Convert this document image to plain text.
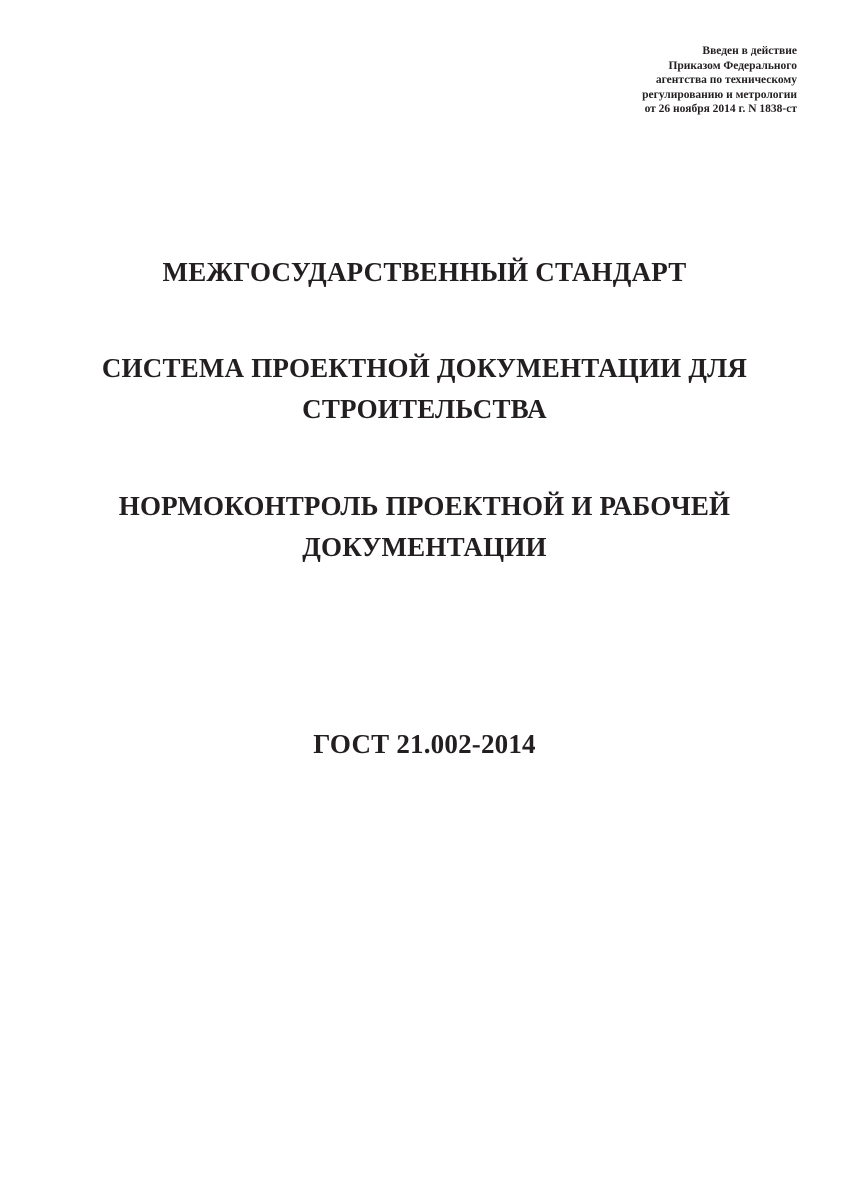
Введен в действие
Приказом Федерального
агентства по техническому
регулированию и метрологии
от 26 ноября 2014 г. N 1838-ст
МЕЖГОСУДАРСТВЕННЫЙ СТАНДАРТ
СИСТЕМА ПРОЕКТНОЙ ДОКУМЕНТАЦИИ ДЛЯ
СТРОИТЕЛЬСТВА
НОРМОКОНТРОЛЬ ПРОЕКТНОЙ И РАБОЧЕЙ
ДОКУМЕНТАЦИИ
ГОСТ 21.002-2014
